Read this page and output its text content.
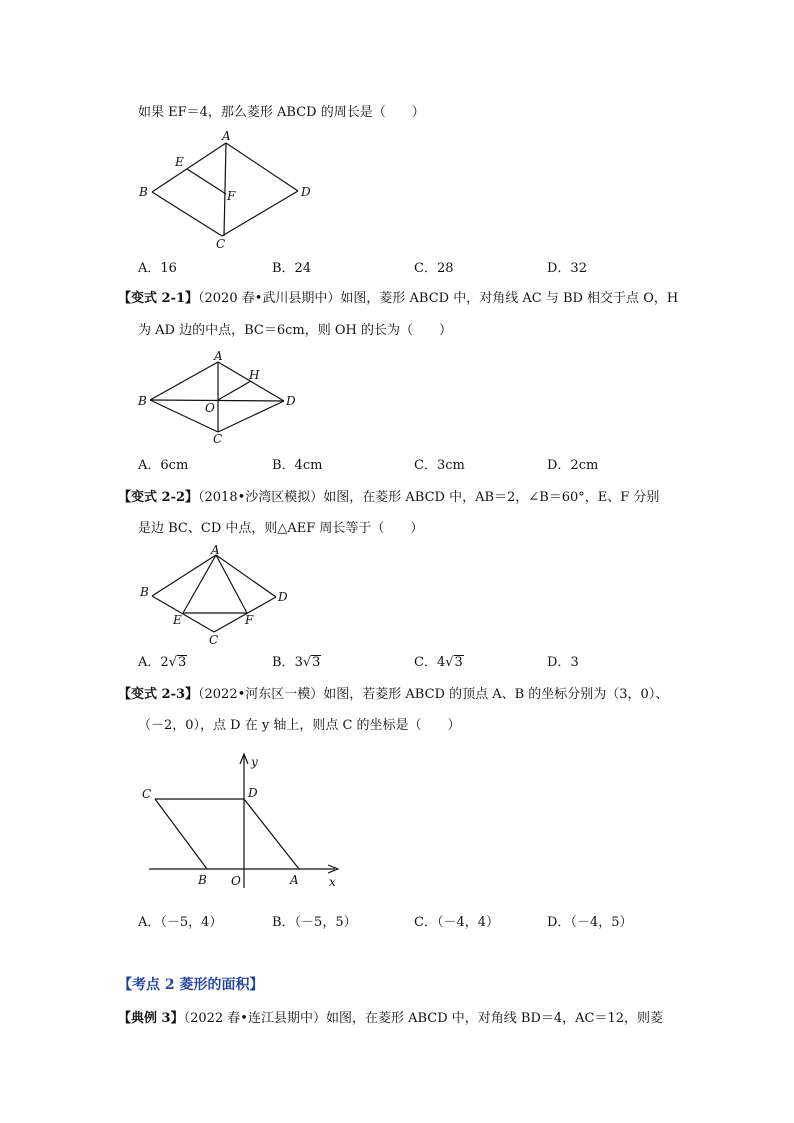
如果 EF＝4，那么菱形 ABCD 的周长是（　　）
A
E
B	F	D
C
A．16	B．24	C．28	D．32
【变式 2-1】（2020 春•武川县期中）如图，菱形 ABCD 中，对角线 AC 与 BD 相交于点 O，H
为 AD 边的中点，BC＝6cm，则 OH 的长为（　　）
A
H
B	O	D
C
A．6cm	B．4cm	C．3cm	D．2cm
【变式 2-2】（2018•沙湾区模拟）如图，在菱形 ABCD 中，AB＝2，∠B＝60°，E、F 分别
是边 BC、CD 中点，则△AEF 周长等于（　　）
A
B	D
E	F
C
A．2√3	B．3√3	C．4√3	D．3
【变式 2-3】（2022•河东区一模）如图，若菱形 ABCD 的顶点 A、B 的坐标分别为（3，0）、
（－2，0），点 D 在 y 轴上，则点 C 的坐标是（　　）
y
C	D
B O	A	x
A．（－5，4）	B．（－5，5）	C．（－4，4）	D．（－4，5）
【考点 2 菱形的面积】
【典例 3】（2022 春•连江县期中）如图，在菱形 ABCD 中，对角线 BD＝4，AC＝12，则菱
